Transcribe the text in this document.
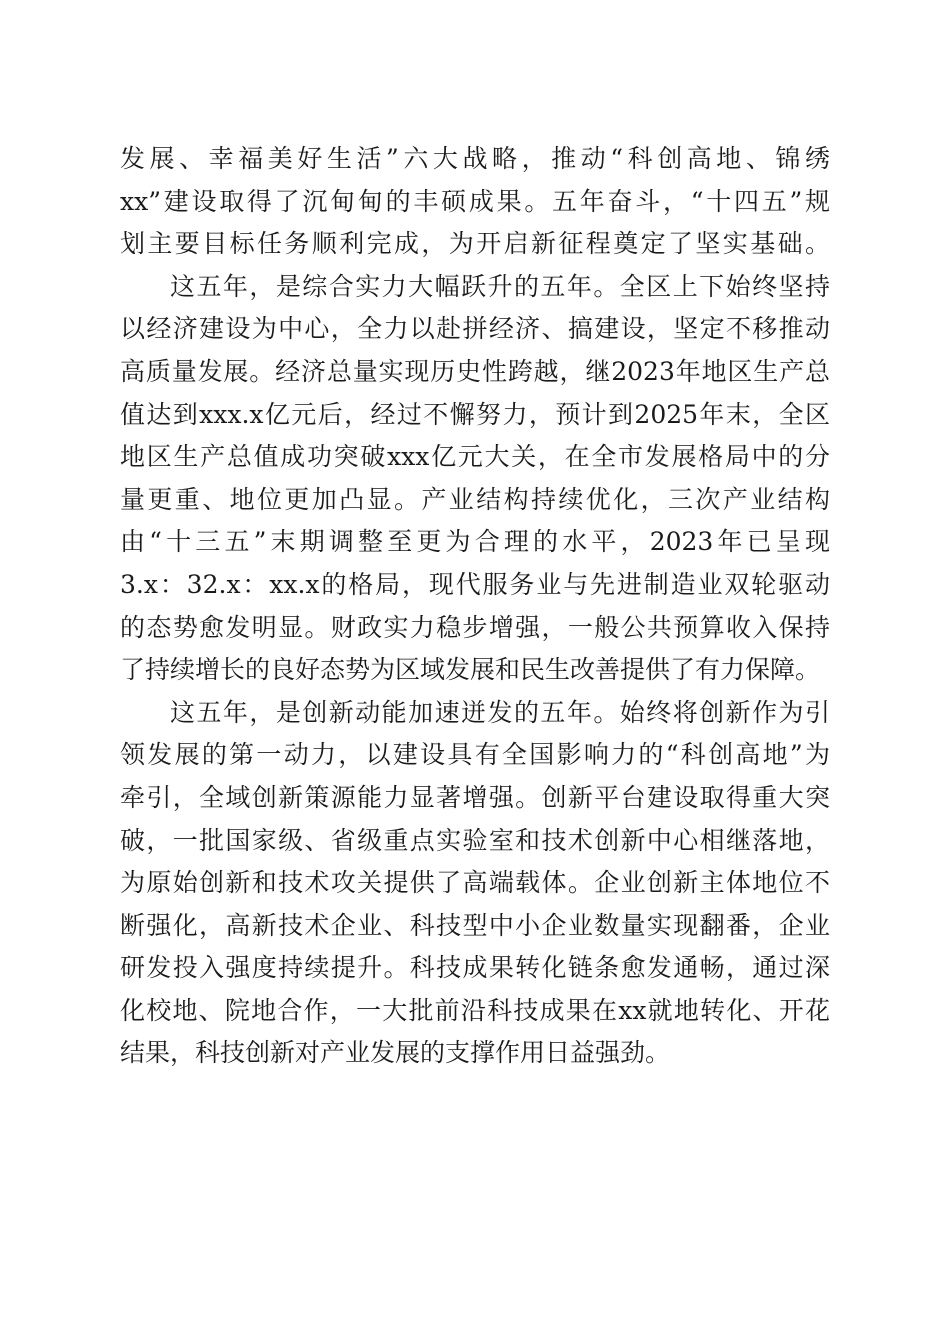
发展、幸福美好生活”六大战略，推动“科创高地、锦绣
xx”建设取得了沉甸甸的丰硕成果。五年奋斗，“十四五”规
划主要目标任务顺利完成，为开启新征程奠定了坚实基础。
这五年，是综合实力大幅跃升的五年。全区上下始终坚持
以经济建设为中心，全力以赴拼经济、搞建设，坚定不移推动
高质量发展。经济总量实现历史性跨越，继2023年地区生产总
值达到xxx.x亿元后，经过不懈努力，预计到2025年末，全区
地区生产总值成功突破xxx亿元大关，在全市发展格局中的分
量更重、地位更加凸显。产业结构持续优化，三次产业结构
由“十三五”末期调整至更为合理的水平，2023年已呈现
3.x：32.x：xx.x的格局，现代服务业与先进制造业双轮驱动
的态势愈发明显。财政实力稳步增强，一般公共预算收入保持
了持续增长的良好态势为区域发展和民生改善提供了有力保障。
这五年，是创新动能加速迸发的五年。始终将创新作为引
领发展的第一动力，以建设具有全国影响力的“科创高地”为
牵引，全域创新策源能力显著增强。创新平台建设取得重大突
破，一批国家级、省级重点实验室和技术创新中心相继落地，
为原始创新和技术攻关提供了高端载体。企业创新主体地位不
断强化，高新技术企业、科技型中小企业数量实现翻番，企业
研发投入强度持续提升。科技成果转化链条愈发通畅，通过深
化校地、院地合作，一大批前沿科技成果在xx就地转化、开花
结果，科技创新对产业发展的支撑作用日益强劲。
